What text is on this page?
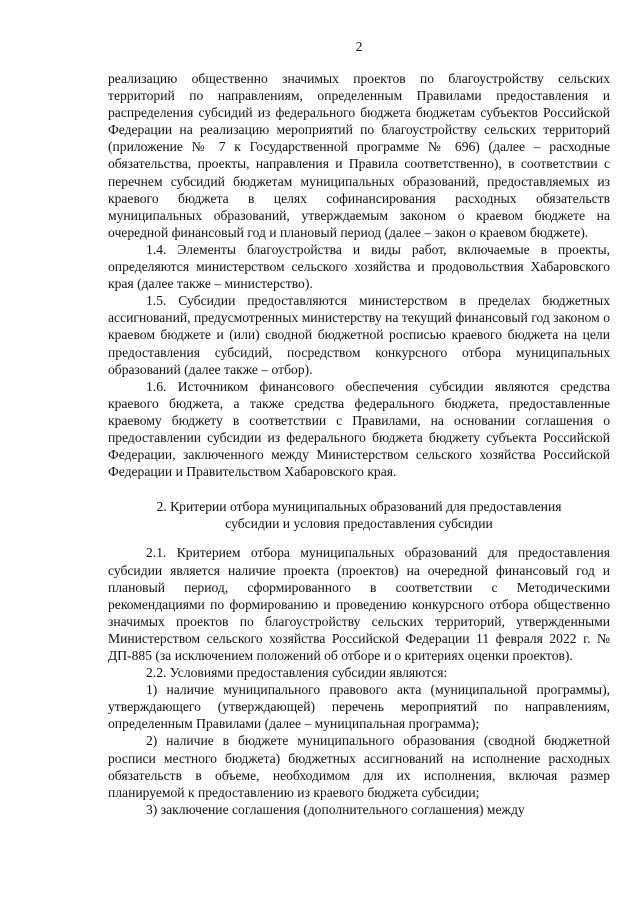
2

реализацию общественно значимых проектов по благоустройству сельских территорий по направлениям, определенным Правилами предоставления и распределения субсидий из федерального бюджета бюджетам субъектов Российской Федерации на реализацию мероприятий по благоустройству сельских территорий (приложение № 7 к Государственной программе № 696) (далее – расходные обязательства, проекты, направления и Правила соответственно), в соответствии с перечнем субсидий бюджетам муниципальных образований, предоставляемых из краевого бюджета в целях софинансирования расходных обязательств муниципальных образований, утверждаемым законом о краевом бюджете на очередной финансовый год и плановый период (далее – закон о краевом бюджете).

1.4. Элементы благоустройства и виды работ, включаемые в проекты, определяются министерством сельского хозяйства и продовольствия Хабаровского края (далее также – министерство).

1.5. Субсидии предоставляются министерством в пределах бюджетных ассигнований, предусмотренных министерству на текущий финансовый год законом о краевом бюджете и (или) сводной бюджетной росписью краевого бюджета на цели предоставления субсидий, посредством конкурсного отбора муниципальных образований (далее также – отбор).

1.6. Источником финансового обеспечения субсидии являются средства краевого бюджета, а также средства федерального бюджета, предоставленные краевому бюджету в соответствии с Правилами, на основании соглашения о предоставлении субсидии из федерального бюджета бюджету субъекта Российской Федерации, заключенного между Министерством сельского хозяйства Российской Федерации и Правительством Хабаровского края.

2. Критерии отбора муниципальных образований для предоставления
субсидии и условия предоставления субсидии

2.1. Критерием отбора муниципальных образований для предоставления субсидии является наличие проекта (проектов) на очередной финансовый год и плановый период, сформированного в соответствии с Методическими рекомендациями по формированию и проведению конкурсного отбора общественно значимых проектов по благоустройству сельских территорий, утвержденными Министерством сельского хозяйства Российской Федерации 11 февраля 2022 г. № ДП-885 (за исключением положений об отборе и о критериях оценки проектов).

2.2. Условиями предоставления субсидии являются:

1) наличие муниципального правового акта (муниципальной программы), утверждающего (утверждающей) перечень мероприятий по направлениям, определенным Правилами (далее – муниципальная программа);

2) наличие в бюджете муниципального образования (сводной бюджетной росписи местного бюджета) бюджетных ассигнований на исполнение расходных обязательств в объеме, необходимом для их исполнения, включая размер планируемой к предоставлению из краевого бюджета субсидии;

3) заключение соглашения (дополнительного соглашения) между
